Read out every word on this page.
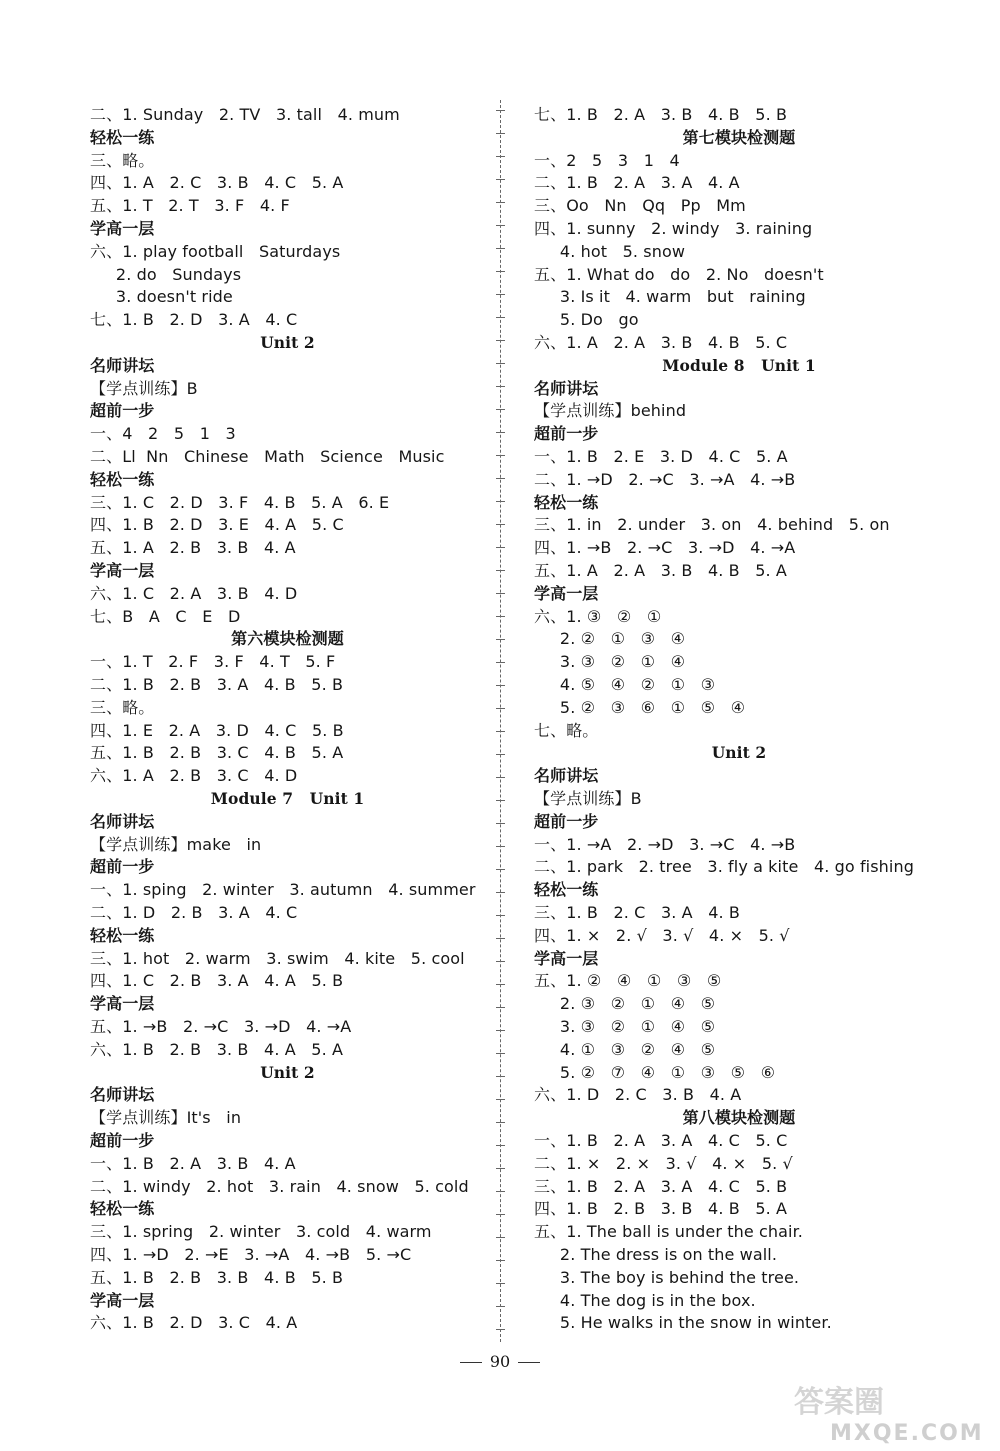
二、1. Sunday   2. TV   3. tall   4. mum
轻松一练
三、略。
四、1. A   2. C   3. B   4. C   5. A
五、1. T   2. T   3. F   4. F
学高一层
六、1. play football   Saturdays
2. do   Sundays
3. doesn't ride
七、1. B   2. D   3. A   4. C
Unit 2
名师讲坛
【学点训练】B
超前一步
一、4   2   5   1   3
二、Ll  Nn   Chinese   Math   Science   Music
轻松一练
三、1. C   2. D   3. F   4. B   5. A   6. E
四、1. B   2. D   3. E   4. A   5. C
五、1. A   2. B   3. B   4. A
学高一层
六、1. C   2. A   3. B   4. D
七、B   A   C   E   D
第六模块检测题
一、1. T   2. F   3. F   4. T   5. F
二、1. B   2. B   3. A   4. B   5. B
三、略。
四、1. E   2. A   3. D   4. C   5. B
五、1. B   2. B   3. C   4. B   5. A
六、1. A   2. B   3. C   4. D
Module 7   Unit 1
名师讲坛
【学点训练】make   in
超前一步
一、1. sping   2. winter   3. autumn   4. summer
二、1. D   2. B   3. A   4. C
轻松一练
三、1. hot   2. warm   3. swim   4. kite   5. cool
四、1. C   2. B   3. A   4. A   5. B
学高一层
五、1. →B   2. →C   3. →D   4. →A
六、1. B   2. B   3. B   4. A   5. A
Unit 2
名师讲坛
【学点训练】It's   in
超前一步
一、1. B   2. A   3. B   4. A
二、1. windy   2. hot   3. rain   4. snow   5. cold
轻松一练
三、1. spring   2. winter   3. cold   4. warm
四、1. →D   2. →E   3. →A   4. →B   5. →C
五、1. B   2. B   3. B   4. B   5. B
学高一层
六、1. B   2. D   3. C   4. A
七、1. B   2. A   3. B   4. B   5. B
第七模块检测题
一、2   5   3   1   4
二、1. B   2. A   3. A   4. A
三、Oo   Nn   Qq   Pp   Mm
四、1. sunny   2. windy   3. raining
4. hot   5. snow
五、1. What do   do   2. No   doesn't
3. Is it   4. warm   but   raining
5. Do   go
六、1. A   2. A   3. B   4. B   5. C
Module 8   Unit 1
名师讲坛
【学点训练】behind
超前一步
一、1. B   2. E   3. D   4. C   5. A
二、1. →D   2. →C   3. →A   4. →B
轻松一练
三、1. in   2. under   3. on   4. behind   5. on
四、1. →B   2. →C   3. →D   4. →A
五、1. A   2. A   3. B   4. B   5. A
学高一层
六、1. ③   ②   ①
2. ②   ①   ③   ④
3. ③   ②   ①   ④
4. ⑤   ④   ②   ①   ③
5. ②   ③   ⑥   ①   ⑤   ④
七、略。
Unit 2
名师讲坛
【学点训练】B
超前一步
一、1. →A   2. →D   3. →C   4. →B
二、1. park   2. tree   3. fly a kite   4. go fishing
轻松一练
三、1. B   2. C   3. A   4. B
四、1. ×   2. √   3. √   4. ×   5. √
学高一层
五、1. ②   ④   ①   ③   ⑤
2. ③   ②   ①   ④   ⑤
3. ③   ②   ①   ④   ⑤
4. ①   ③   ②   ④   ⑤
5. ②   ⑦   ④   ①   ③   ⑤   ⑥
六、1. D   2. C   3. B   4. A
第八模块检测题
一、1. B   2. A   3. A   4. C   5. C
二、1. ×   2. ×   3. √   4. ×   5. √
三、1. B   2. A   3. A   4. C   5. B
四、1. B   2. B   3. B   4. B   5. A
五、1. The ball is under the chair.
2. The dress is on the wall.
3. The boy is behind the tree.
4. The dog is in the box.
5. He walks in the snow in winter.
90
答案圈
MXQE.COM
